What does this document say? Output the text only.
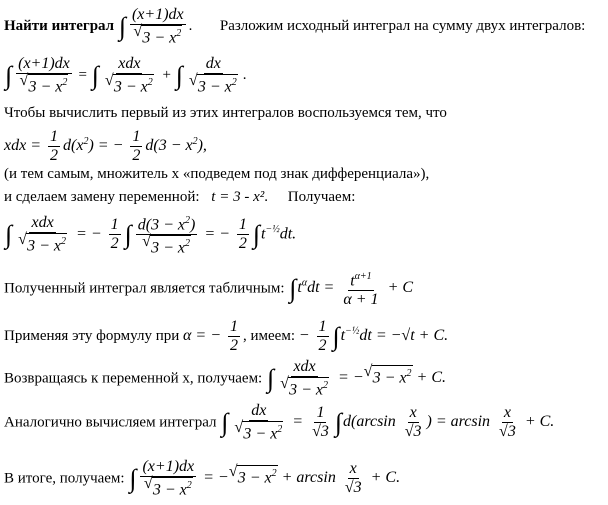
Найти интеграл ∫ $\frac{(x+1)dx}{√ 3 - x^2}$ .  Разложим исходный интеграл на сумму двух интегралов:
∫ $\frac{(x+1)dx}{√ 3 - x^2}$ = ∫ $\frac{\text{xdx}}{√ 3 - x^2}$ + ∫ $\frac{dx}{√ 3 - x^2}$ .
Чтобы вычислить первый из этих интегралов воспользуемся тем, что
xdx = $\frac{1}{2} d(x^2)$ = − $\frac{1}{2} d(3 - x^2)$,
(и тем самым, множитель x «подведем под знак дифференциала»),
и сделаем замену переменной: t = 3 - x². Получаем:
∫ $\frac{\text{xdx}}{√ 3 - x^2}$ = − $\frac{1}{2}$ ∫ $\frac{d(3 - x^2)}{√ 3 - x^2}$ = − $\frac{1}{2} \int t^{-\frac{1}{2}}dt$.
Полученный интеграл является табличным: $\int t^\alpha dt = \frac{t^{\alpha+1}}{\alpha + 1} + C$
Применяя эту формулу при α = − $\frac{1}{2}$ , имеем: − $\frac{1}{2} \int t^{-\frac{1}{2}}dt = -√t + C$.
Возвращаясь к переменной x, получаем: ∫ $\frac{\text{xdx}}{√ 3 - x^2}$ = − √ $3 - x^2 + C$.
Аналогично вычисляем интеграл ∫ $\frac{dx}{√ 3 - x^2} = \frac{1}{√3} \int d(\arcsin \frac{x}{√3}$ ) = $\arcsin \frac{x}{√3} + C$.
В итоге, получаем: ∫ $\frac{(x+1)dx}{√ 3 - x^2}$ = − √ $3 - x^2 + \arcsin \frac{x}{√3} + C$.
